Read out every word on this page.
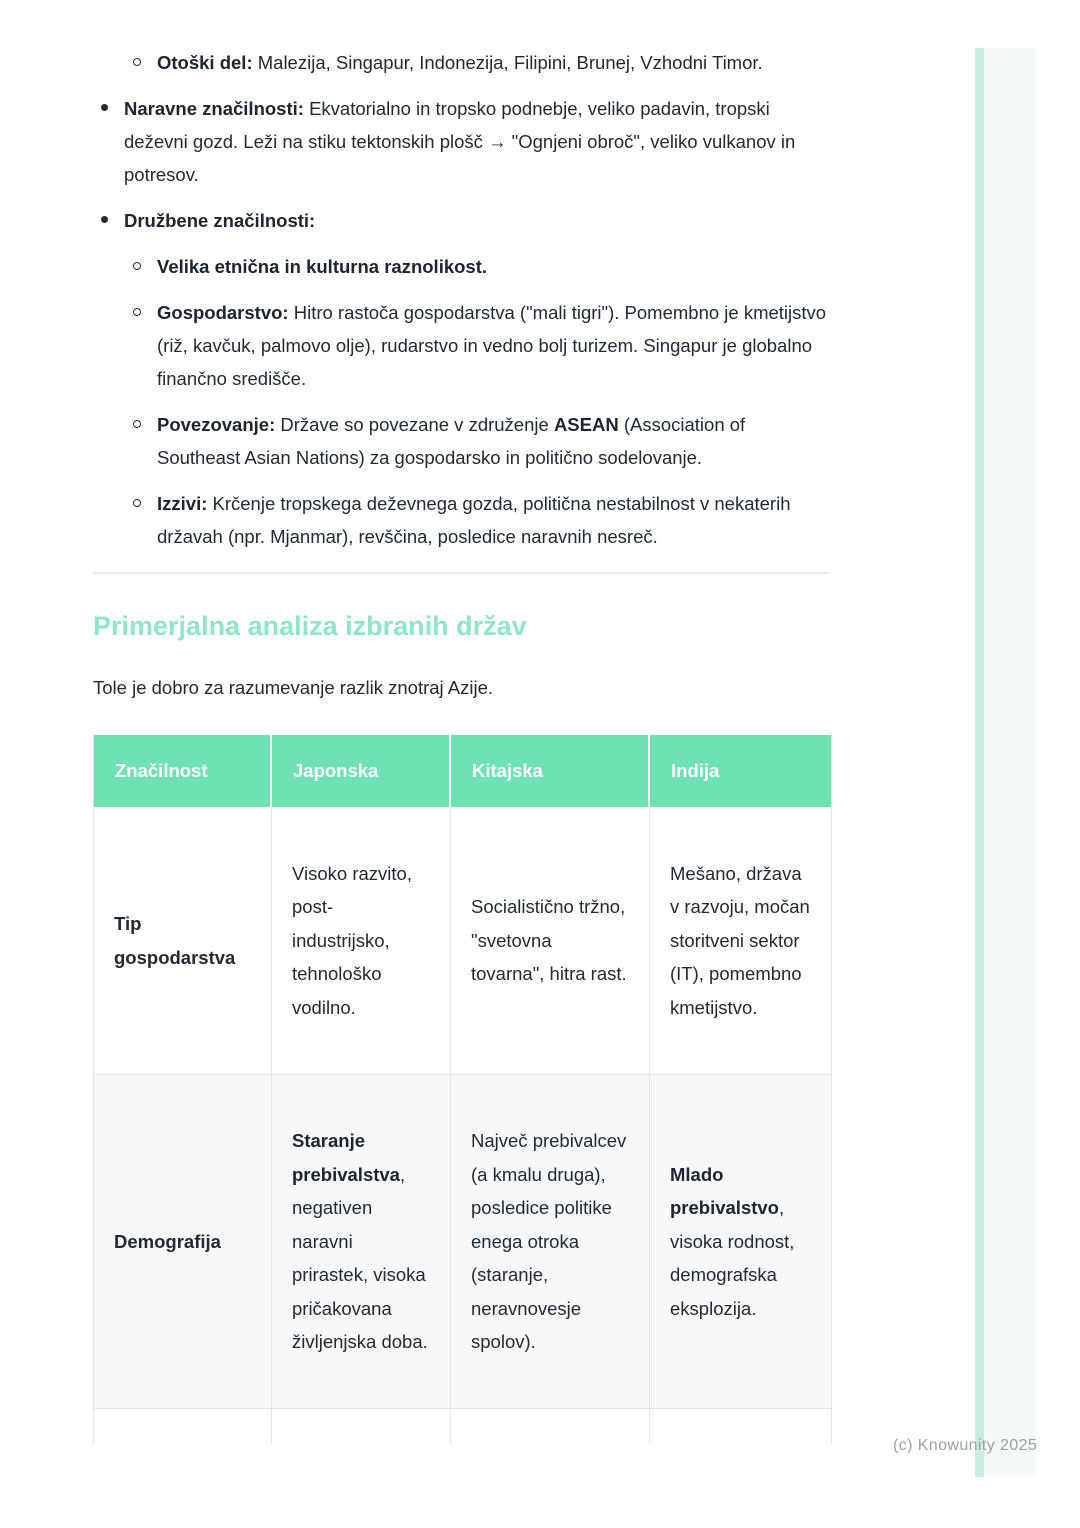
Otoški del: Malezija, Singapur, Indonezija, Filipini, Brunej, Vzhodni Timor.
Naravne značilnosti: Ekvatorialno in tropsko podnebje, veliko padavin, tropski deževni gozd. Leži na stiku tektonskih plošč → "Ognjeni obroč", veliko vulkanov in potresov.
Družbene značilnosti:
Velika etnična in kulturna raznolikost.
Gospodarstvo: Hitro rastoča gospodarstva ("mali tigri"). Pomembno je kmetijstvo (riž, kavčuk, palmovo olje), rudarstvo in vedno bolj turizem. Singapur je globalno finančno središče.
Povezovanje: Države so povezane v združenje ASEAN (Association of Southeast Asian Nations) za gospodarsko in politično sodelovanje.
Izzivi: Krčenje tropskega deževnega gozda, politična nestabilnost v nekaterih državah (npr. Mjanmar), revščina, posledice naravnih nesreč.
Primerjalna analiza izbranih držav

Tole je dobro za razumevanje razlik znotraj Azije.

Značilnost	Japonska	Kitajska	Indija
Tip gospodarstva	Visoko razvito, post-industrijsko, tehnološko vodilno.	Socialistično tržno, "svetovna tovarna", hitra rast.	Mešano, država v razvoju, močan storitveni sektor (IT), pomembno kmetijstvo.
Demografija	Staranje prebivalstva, negativen naravni prirastek, visoka pričakovana življenjska doba.	Največ prebivalcev (a kmalu druga), posledice politike enega otroka (staranje, neravnovesje spolov).	Mlado prebivalstvo, visoka rodnost, demografska eksplozija.

(c) Knowunity 2025
